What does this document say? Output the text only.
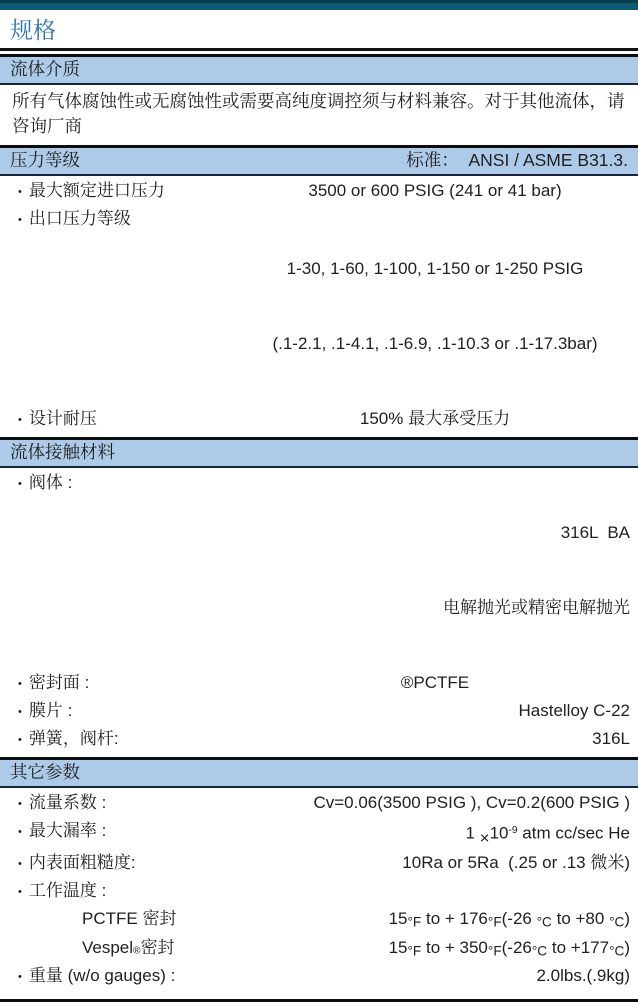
规格
流体介质
所有气体腐蚀性或无腐蚀性或需要高纯度调控须与材料兼容。对于其他流体，请咨询厂商
压力等级	标准：  ANSI / ASME B31.3.
• 最大额定进口压力	3500 or 600 PSIG (241 or 41 bar)
• 出口压力等级

1-30, 1-60, 1-100, 1-150 or 1-250 PSIG

(.1-2.1, .1-4.1, .1-6.9, .1-10.3 or .1-17.3bar)

• 设计耐压	150% 最大承受压力
流体接触材料
• 阀体 :

316L  BA

电解抛光或精密电解抛光

• 密封面 :	®PCTFE
• 膜片 :	Hastelloy C-22
• 弹簧，阀杆:	316L
其它参数
• 流量系数 :	Cv=0.06(3500 PSIG ), Cv=0.2(600 PSIG )
• 最大漏率 :	$1 \times 10^{-9}$ atm cc/sec He
• 内表面粗糙度:	10Ra or 5Ra  (.25 or .13 微米)
• 工作温度 :
PCTFE 密封	15°F to + 176°F(-26 °C to +80 °C)
Vespel®密封	15°F to + 350°F(-26°C to +177°C)
• 重量 (w/o gauges) :	2.0lbs.(.9kg)
